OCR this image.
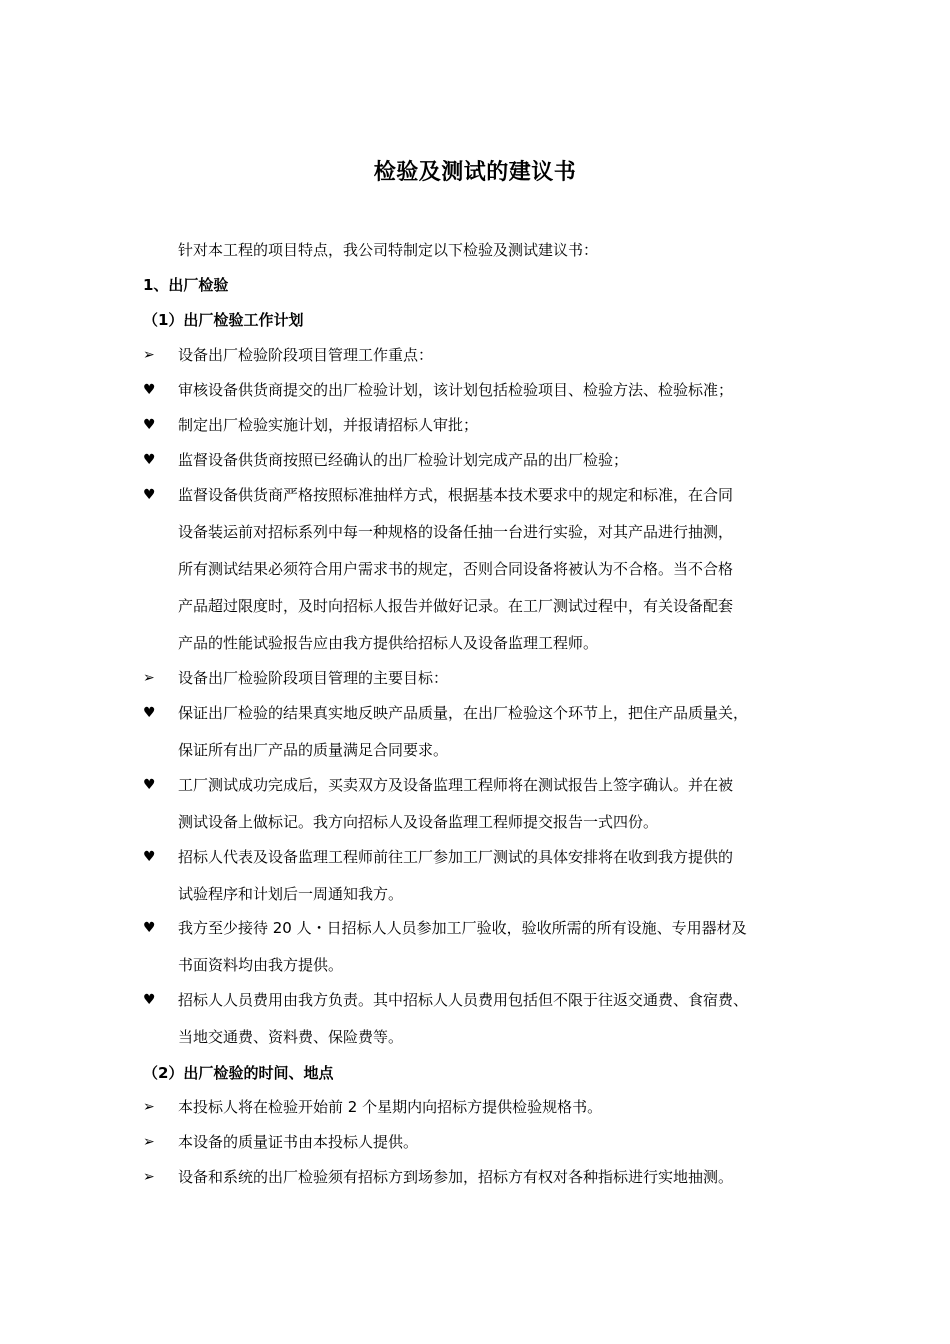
检验及测试的建议书
针对本工程的项目特点，我公司特制定以下检验及测试建议书：
1、出厂检验
（1）出厂检验工作计划
➢	设备出厂检验阶段项目管理工作重点：
♥	审核设备供货商提交的出厂检验计划，该计划包括检验项目、检验方法、检验标准；
♥	制定出厂检验实施计划，并报请招标人审批；
♥	监督设备供货商按照已经确认的出厂检验计划完成产品的出厂检验；
♥	监督设备供货商严格按照标准抽样方式，根据基本技术要求中的规定和标准，在合同
设备装运前对招标系列中每一种规格的设备任抽一台进行实验，对其产品进行抽测，
所有测试结果必须符合用户需求书的规定，否则合同设备将被认为不合格。当不合格
产品超过限度时，及时向招标人报告并做好记录。在工厂测试过程中，有关设备配套
产品的性能试验报告应由我方提供给招标人及设备监理工程师。
➢	设备出厂检验阶段项目管理的主要目标：
♥	保证出厂检验的结果真实地反映产品质量，在出厂检验这个环节上，把住产品质量关，
保证所有出厂产品的质量满足合同要求。
♥	工厂测试成功完成后，买卖双方及设备监理工程师将在测试报告上签字确认。并在被
测试设备上做标记。我方向招标人及设备监理工程师提交报告一式四份。
♥	招标人代表及设备监理工程师前往工厂参加工厂测试的具体安排将在收到我方提供的
试验程序和计划后一周通知我方。
♥	我方至少接待 20 人・日招标人人员参加工厂验收，验收所需的所有设施、专用器材及
书面资料均由我方提供。
♥	招标人人员费用由我方负责。其中招标人人员费用包括但不限于往返交通费、食宿费、
当地交通费、资料费、保险费等。
（2）出厂检验的时间、地点
➢	本投标人将在检验开始前 2 个星期内向招标方提供检验规格书。
➢	本设备的质量证书由本投标人提供。
➢	设备和系统的出厂检验须有招标方到场参加，招标方有权对各种指标进行实地抽测。
